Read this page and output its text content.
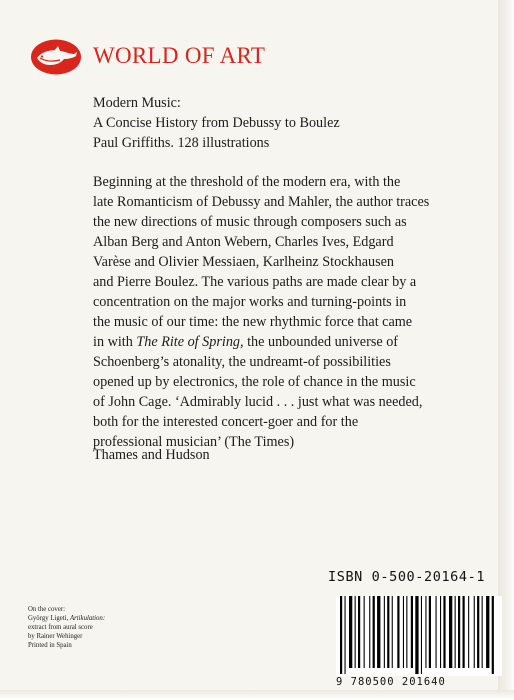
WORLD OF ART
Modern Music:
A Concise History from Debussy to Boulez
Paul Griffiths. 128 illustrations
Beginning at the threshold of the modern era, with the
late Romanticism of Debussy and Mahler, the author traces
the new directions of music through composers such as
Alban Berg and Anton Webern, Charles Ives, Edgard
Varèse and Olivier Messiaen, Karlheinz Stockhausen
and Pierre Boulez. The various paths are made clear by a
concentration on the major works and turning-points in
the music of our time: the new rhythmic force that came
in with The Rite of Spring, the unbounded universe of
Schoenberg’s atonality, the undreamt-of possibilities
opened up by electronics, the role of chance in the music
of John Cage. ‘Admirably lucid . . . just what was needed,
both for the interested concert-goer and for the
professional musician’ (The Times)
Thames and Hudson
ISBN 0-500-20164-1
On the cover:
György Ligeti, Artikulation:
extract from aural score
by Rainer Wehinger
Printed in Spain
9 780500 201640
